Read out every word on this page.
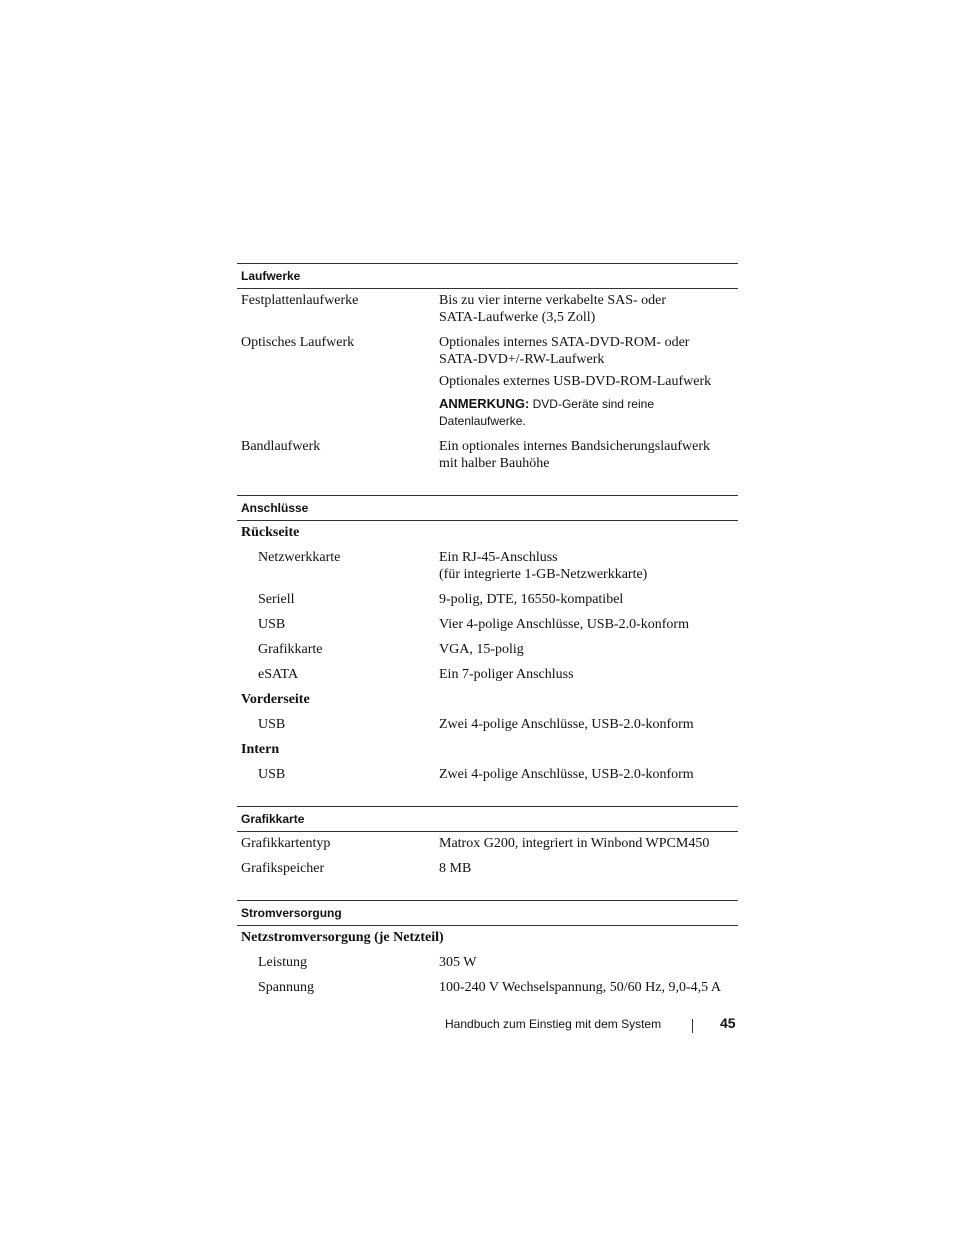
Laufwerke
Festplattenlaufwerke	Bis zu vier interne verkabelte SAS- oder
SATA-Laufwerke (3,5 Zoll)
Optisches Laufwerk	Optionales internes SATA-DVD-ROM- oder
SATA-DVD+/-RW-Laufwerk
Optionales externes USB-DVD-ROM-Laufwerk
ANMERKUNG: DVD-Geräte sind reine
Datenlaufwerke.
Bandlaufwerk	Ein optionales internes Bandsicherungslaufwerk
mit halber Bauhöhe
Anschlüsse
Rückseite
Netzwerkkarte	Ein RJ-45-Anschluss
(für integrierte 1-GB-Netzwerkkarte)
Seriell	9-polig, DTE, 16550-kompatibel
USB	Vier 4-polige Anschlüsse, USB-2.0-konform
Grafikkarte	VGA, 15-polig
eSATA	Ein 7-poliger Anschluss
Vorderseite
USB	Zwei 4-polige Anschlüsse, USB-2.0-konform
Intern
USB	Zwei 4-polige Anschlüsse, USB-2.0-konform
Grafikkarte
Grafikkartentyp	Matrox G200, integriert in Winbond WPCM450
Grafikspeicher	8 MB
Stromversorgung
Netzstromversorgung (je Netzteil)
Leistung	305 W
Spannung	100-240 V Wechselspannung, 50/60 Hz, 9,0-4,5 A
Handbuch zum Einstieg mit dem System	45
